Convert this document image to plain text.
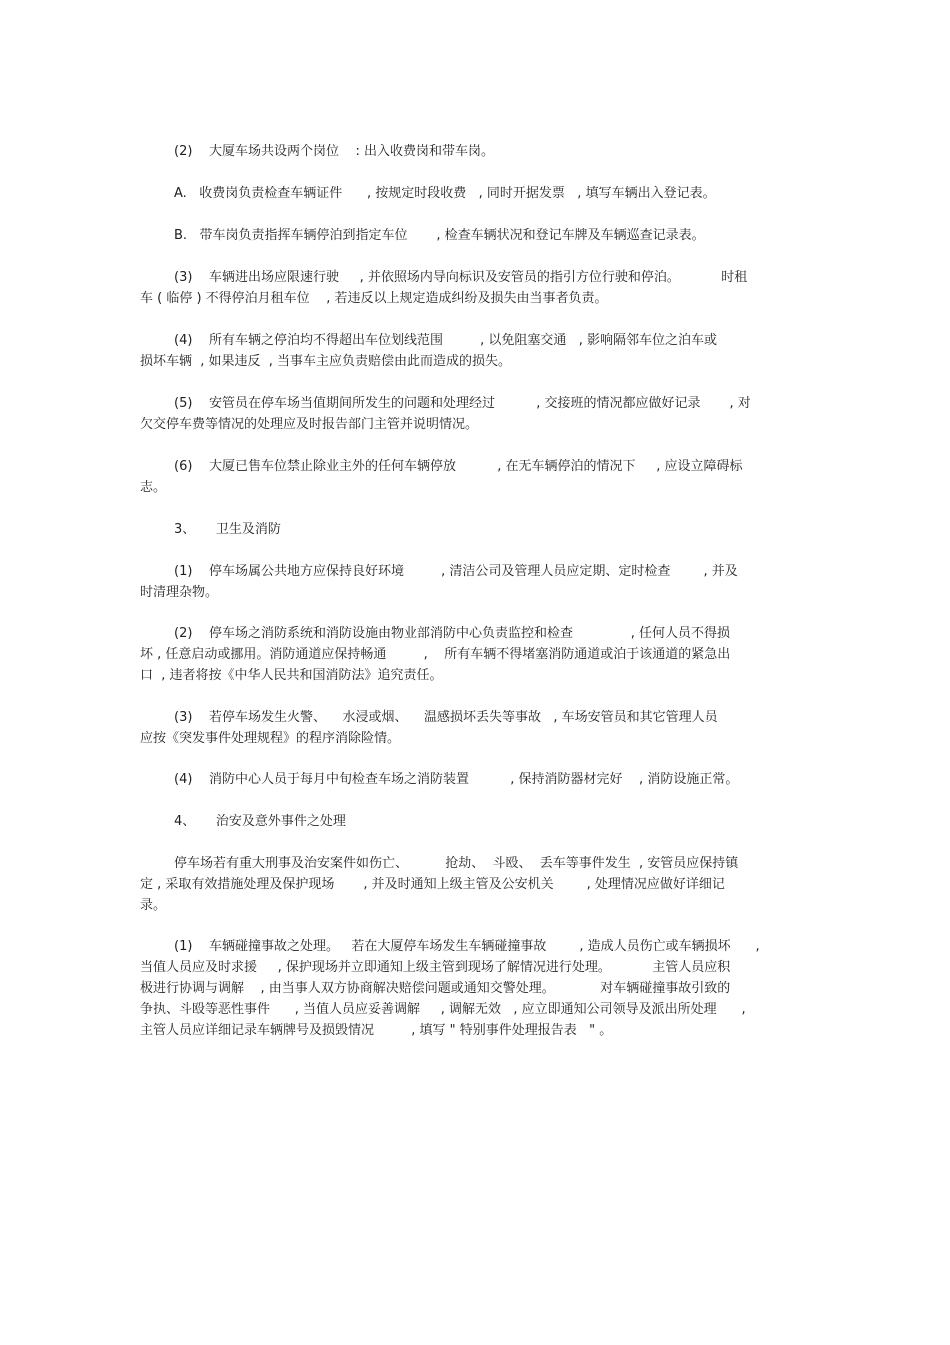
(2)    大厦车场共设两个岗位    : 出入收费岗和带车岗。
A.   收费岗负责检查车辆证件      , 按规定时段收费   , 同时开据发票   , 填写车辆出入登记表。
B.   带车岗负责指挥车辆停泊到指定车位       , 检查车辆状况和登记车牌及车辆巡查记录表。
(3)    车辆进出场应限速行驶     , 并依照场内导向标识及安管员的指引方位行驶和停泊。          时租
车 ( 临停 ) 不得停泊月租车位    , 若违反以上规定造成纠纷及损失由当事者负责。
(4)    所有车辆之停泊均不得超出车位划线范围         , 以免阻塞交通   , 影响隔邻车位之泊车或
损坏车辆  , 如果违反  , 当事车主应负责赔偿由此而造成的损失。
(5)    安管员在停车场当值期间所发生的问题和处理经过          , 交接班的情况都应做好记录       , 对
欠交停车费等情况的处理应及时报告部门主管并说明情况。
(6)    大厦已售车位禁止除业主外的任何车辆停放          , 在无车辆停泊的情况下     , 应设立障碍标
志。
3、     卫生及消防
(1)    停车场属公共地方应保持良好环境         , 清洁公司及管理人员应定期、定时检查        , 并及
时清理杂物。
(2)    停车场之消防系统和消防设施由物业部消防中心负责监控和检查              , 任何人员不得损
坏 , 任意启动或挪用。消防通道应保持畅通         ,    所有车辆不得堵塞消防通道或泊于该通道的紧急出
口  , 违者将按《中华人民共和国消防法》追究责任。
(3)    若停车场发生火警、    水浸或烟、    温感损坏丢失等事故   , 车场安管员和其它管理人员
应按《突发事件处理规程》的程序消除险情。
(4)    消防中心人员于每月中旬检查车场之消防装置          , 保持消防器材完好    , 消防设施正常。
4、     治安及意外事件之处理
停车场若有重大刑事及治安案件如伤亡、         抢劫、  斗殴、  丢车等事件发生  , 安管员应保持镇
定 , 采取有效措施处理及保护现场       , 并及时通知上级主管及公安机关        , 处理情况应做好详细记
录。
(1)    车辆碰撞事故之处理。   若在大厦停车场发生车辆碰撞事故        , 造成人员伤亡或车辆损坏      ,
当值人员应及时求援     , 保护现场并立即通知上级主管到现场了解情况进行处理。          主管人员应积
极进行协调与调解    , 由当事人双方协商解决赔偿问题或通知交警处理。           对车辆碰撞事故引致的
争执、斗殴等恶性事件      , 当值人员应妥善调解     , 调解无效   , 应立即通知公司领导及派出所处理      ,
主管人员应详细记录车辆牌号及损毁情况         , 填写 " 特别事件处理报告表   " 。
